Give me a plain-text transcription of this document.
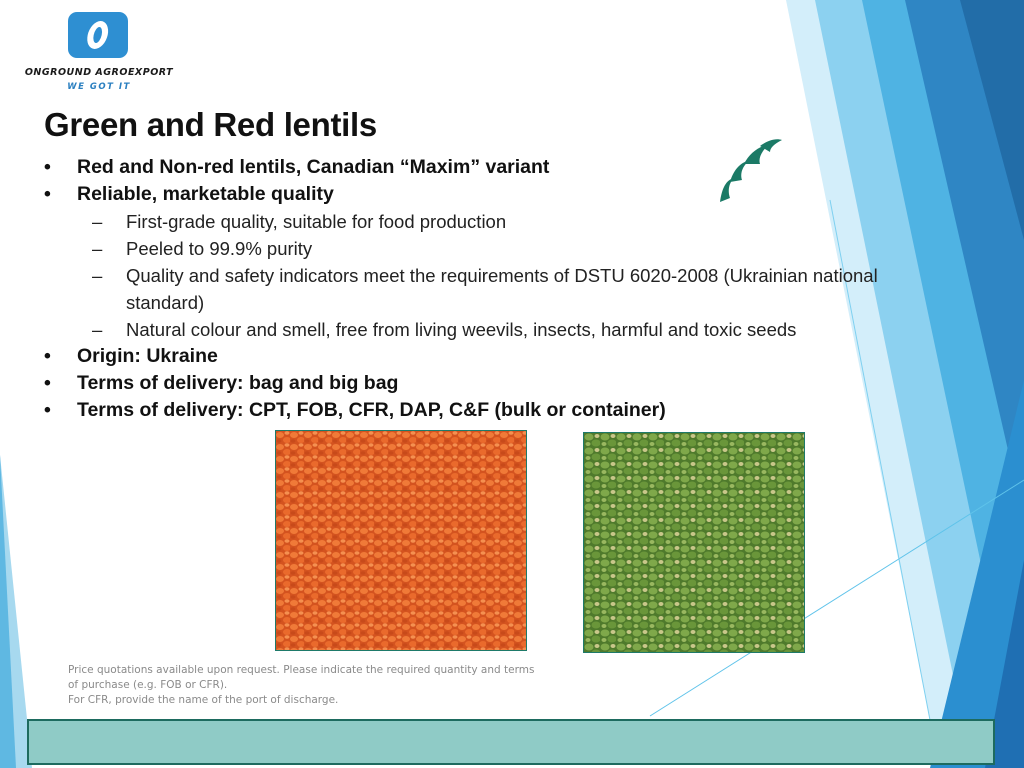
ONGROUND AGROEXPORT
WE GOT IT
Green and Red lentils
• Red and Non-red lentils, Canadian “Maxim” variant
• Reliable, marketable quality
– First-grade quality, suitable for food production
– Peeled to 99.9% purity
– Quality and safety indicators meet the requirements of DSTU 6020-2008 (Ukrainian national standard)
– Natural colour and smell, free from living weevils, insects, harmful and toxic seeds
• Origin: Ukraine
• Terms of delivery: bag and big bag
• Terms of delivery: CPT, FOB, CFR, DAP, C&F (bulk or container)
Price quotations available upon request. Please indicate the required quantity and terms
of purchase (e.g. FOB or CFR).
For CFR, provide the name of the port of discharge.
